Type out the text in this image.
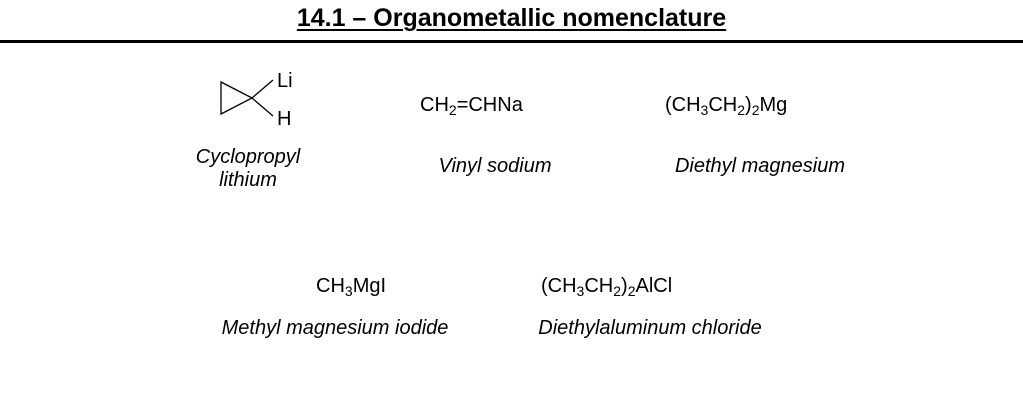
14.1 – Organometallic nomenclature
Li
H
Cyclopropyl
lithium
$CH_2=CHNa$
Vinyl sodium
$(CH_3CH_2)_2Mg$
Diethyl magnesium
$CH_3MgI$
Methyl magnesium iodide
$(CH_3CH_2)_2AlCl$
Diethylaluminum chloride
